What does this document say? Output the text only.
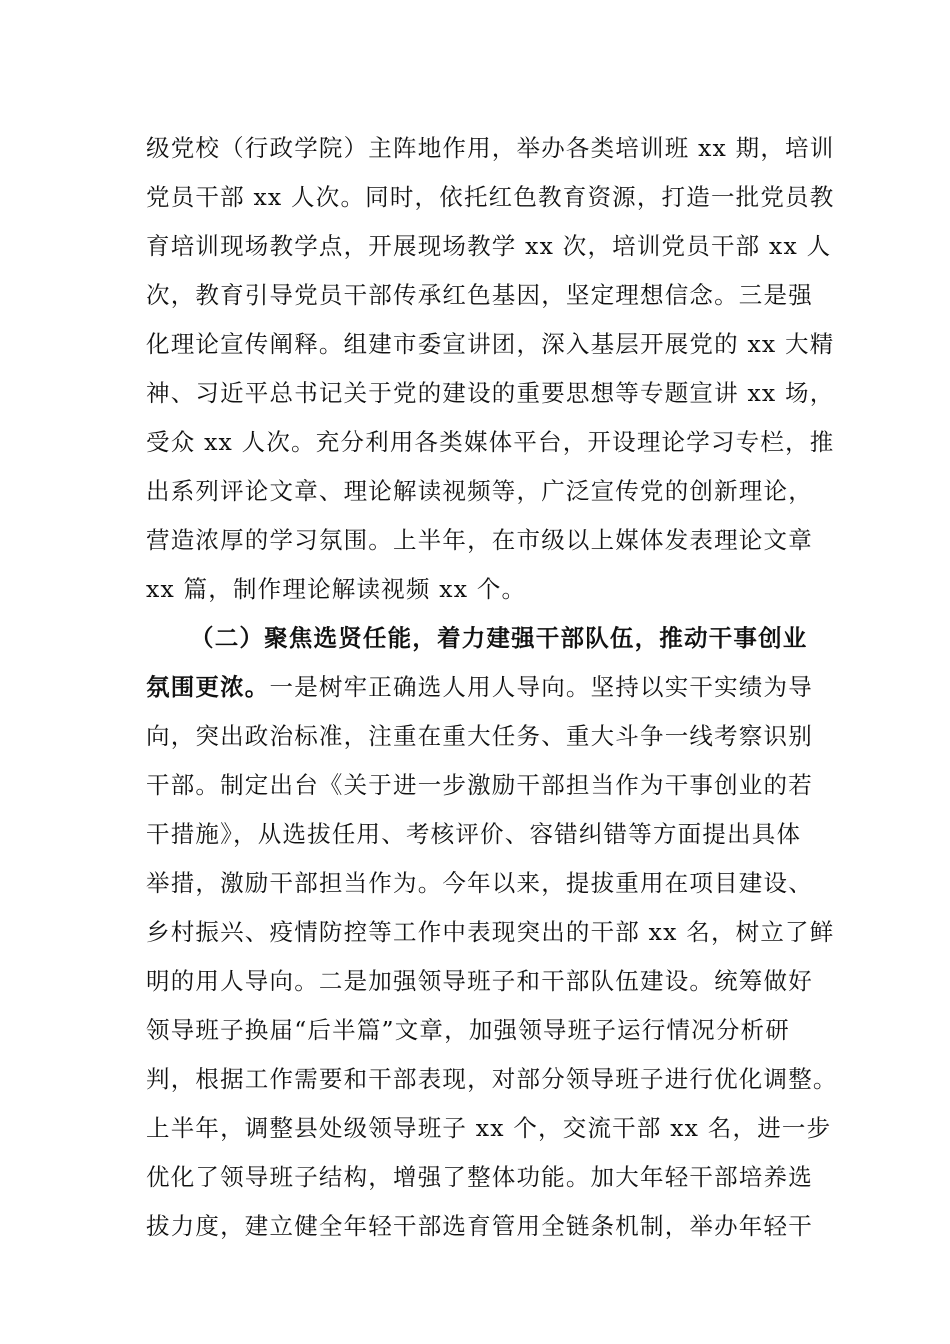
级党校（行政学院）主阵地作用，举办各类培训班 xx 期，培训
党员干部 xx 人次。同时，依托红色教育资源，打造一批党员教
育培训现场教学点，开展现场教学 xx 次，培训党员干部 xx 人
次，教育引导党员干部传承红色基因，坚定理想信念。三是强
化理论宣传阐释。组建市委宣讲团，深入基层开展党的 xx 大精
神、习近平总书记关于党的建设的重要思想等专题宣讲 xx 场，
受众 xx 人次。充分利用各类媒体平台，开设理论学习专栏，推
出系列评论文章、理论解读视频等，广泛宣传党的创新理论，
营造浓厚的学习氛围。上半年，在市级以上媒体发表理论文章
xx 篇，制作理论解读视频 xx 个。
（二）聚焦选贤任能，着力建强干部队伍，推动干事创业
氛围更浓。一是树牢正确选人用人导向。坚持以实干实绩为导
向，突出政治标准，注重在重大任务、重大斗争一线考察识别
干部。制定出台《关于进一步激励干部担当作为干事创业的若
干措施》，从选拔任用、考核评价、容错纠错等方面提出具体
举措，激励干部担当作为。今年以来，提拔重用在项目建设、
乡村振兴、疫情防控等工作中表现突出的干部 xx 名，树立了鲜
明的用人导向。二是加强领导班子和干部队伍建设。统筹做好
领导班子换届“后半篇”文章，加强领导班子运行情况分析研
判，根据工作需要和干部表现，对部分领导班子进行优化调整。
上半年，调整县处级领导班子 xx 个，交流干部 xx 名，进一步
优化了领导班子结构，增强了整体功能。加大年轻干部培养选
拔力度，建立健全年轻干部选育管用全链条机制，举办年轻干
